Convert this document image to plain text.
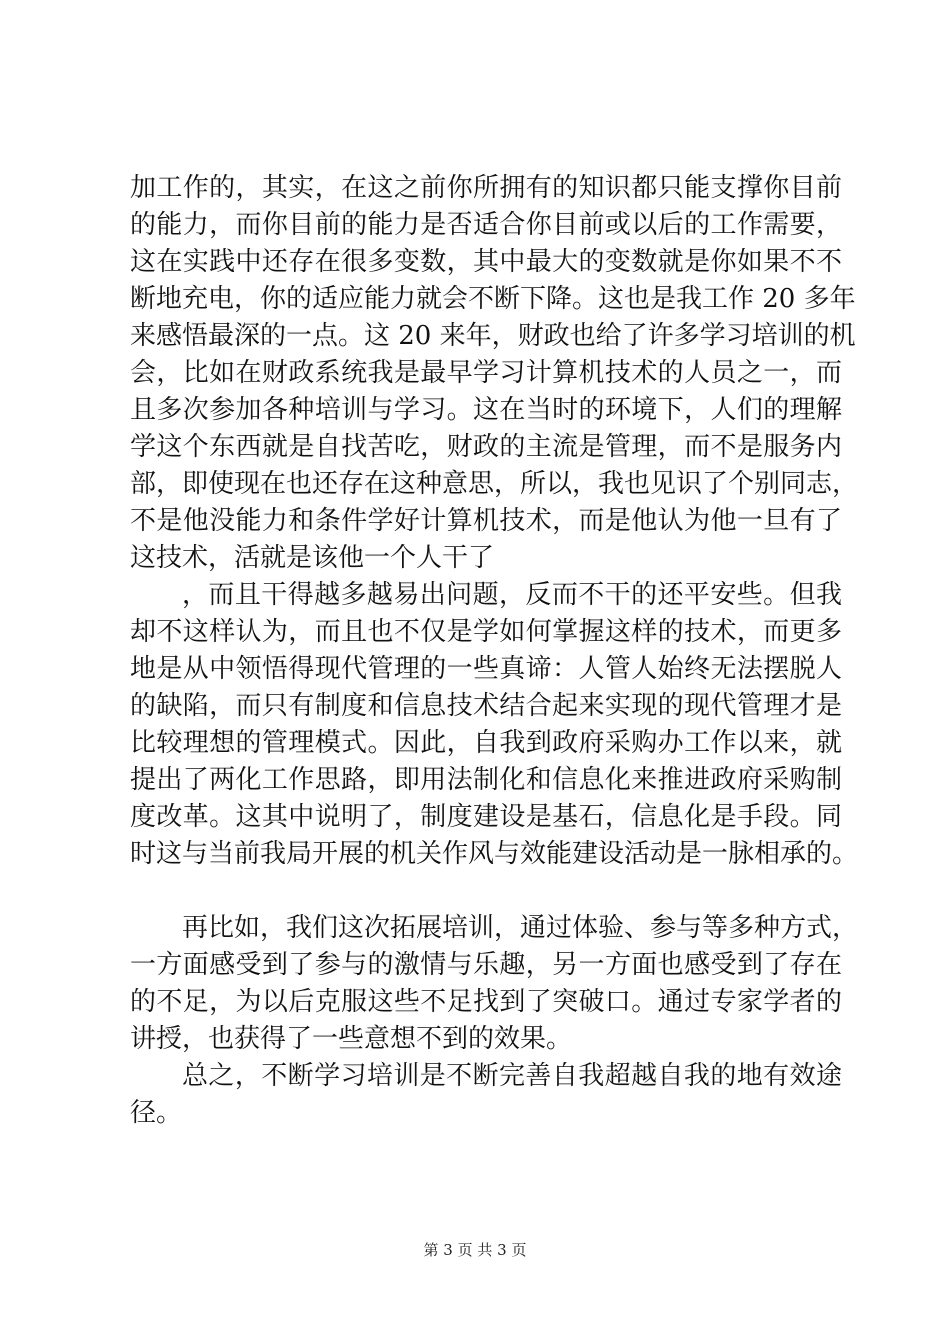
加工作的，其实，在这之前你所拥有的知识都只能支撑你目前
的能力，而你目前的能力是否适合你目前或以后的工作需要，
这在实践中还存在很多变数，其中最大的变数就是你如果不不
断地充电，你的适应能力就会不断下降。这也是我工作 20 多年
来感悟最深的一点。这 20 来年，财政也给了许多学习培训的机
会，比如在财政系统我是最早学习计算机技术的人员之一，而
且多次参加各种培训与学习。这在当时的环境下，人们的理解
学这个东西就是自找苦吃，财政的主流是管理，而不是服务内
部，即使现在也还存在这种意思，所以，我也见识了个别同志，
不是他没能力和条件学好计算机技术，而是他认为他一旦有了
这技术，活就是该他一个人干了
，而且干得越多越易出问题，反而不干的还平安些。但我
却不这样认为，而且也不仅是学如何掌握这样的技术，而更多
地是从中领悟得现代管理的一些真谛：人管人始终无法摆脱人
的缺陷，而只有制度和信息技术结合起来实现的现代管理才是
比较理想的管理模式。因此，自我到政府采购办工作以来，就
提出了两化工作思路，即用法制化和信息化来推进政府采购制
度改革。这其中说明了，制度建设是基石，信息化是手段。同
时这与当前我局开展的机关作风与效能建设活动是一脉相承的。
再比如，我们这次拓展培训，通过体验、参与等多种方式，
一方面感受到了参与的激情与乐趣，另一方面也感受到了存在
的不足，为以后克服这些不足找到了突破口。通过专家学者的
讲授，也获得了一些意想不到的效果。
总之，不断学习培训是不断完善自我超越自我的地有效途
径。
第 3 页 共 3 页
